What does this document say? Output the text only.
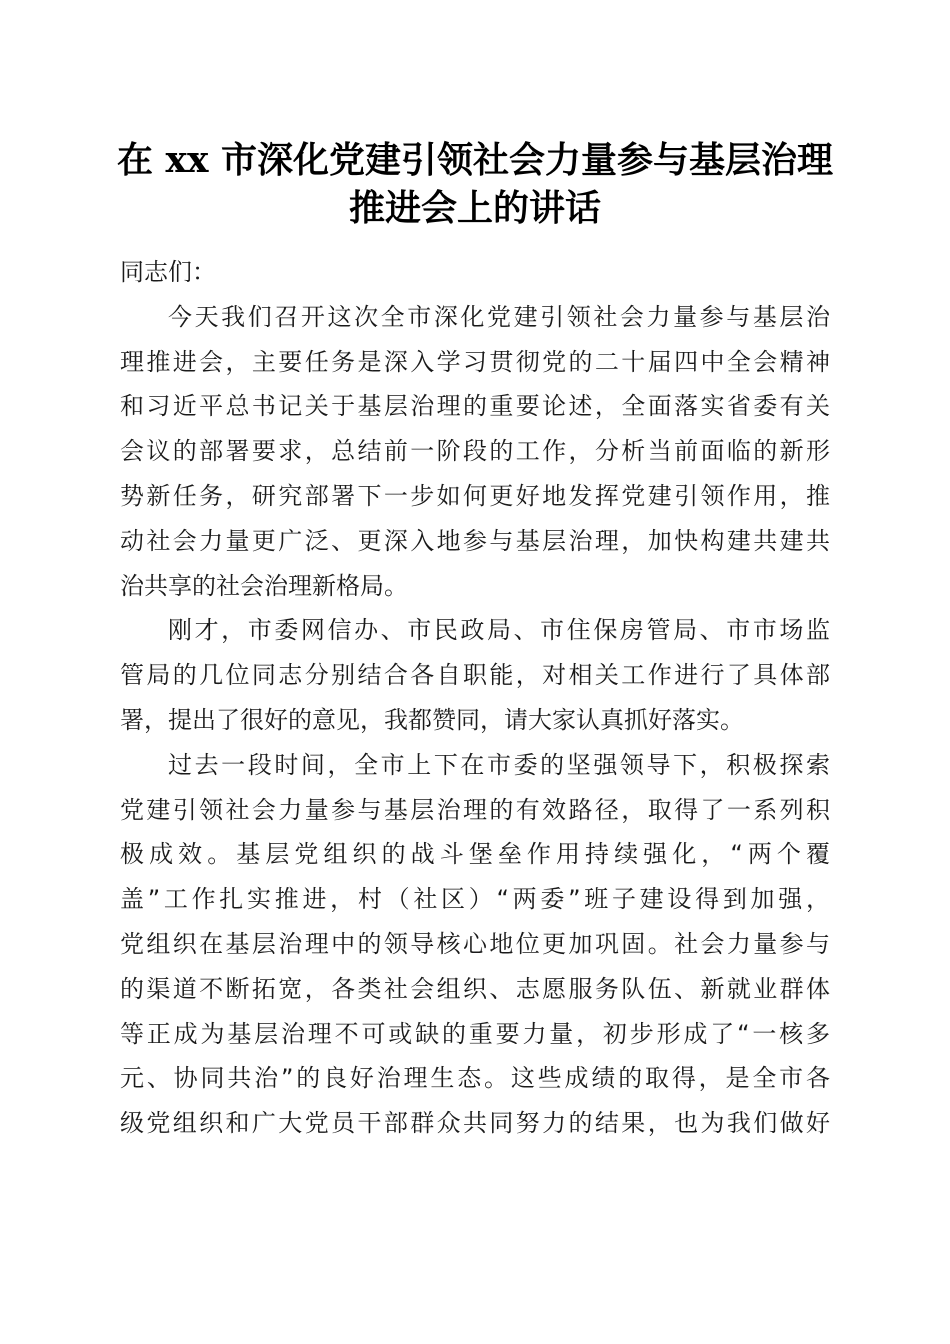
在 xx 市深化党建引领社会力量参与基层治理
推进会上的讲话

同志们：

今天我们召开这次全市深化党建引领社会力量参与基层治
理推进会，主要任务是深入学习贯彻党的二十届四中全会精神
和习近平总书记关于基层治理的重要论述，全面落实省委有关
会议的部署要求，总结前一阶段的工作，分析当前面临的新形
势新任务，研究部署下一步如何更好地发挥党建引领作用，推
动社会力量更广泛、更深入地参与基层治理，加快构建共建共
治共享的社会治理新格局。

刚才，市委网信办、市民政局、市住保房管局、市市场监
管局的几位同志分别结合各自职能，对相关工作进行了具体部
署，提出了很好的意见，我都赞同，请大家认真抓好落实。

过去一段时间，全市上下在市委的坚强领导下，积极探索
党建引领社会力量参与基层治理的有效路径，取得了一系列积
极成效。基层党组织的战斗堡垒作用持续强化，“两个覆
盖”工作扎实推进，村（社区）“两委”班子建设得到加强，
党组织在基层治理中的领导核心地位更加巩固。社会力量参与
的渠道不断拓宽，各类社会组织、志愿服务队伍、新就业群体
等正成为基层治理不可或缺的重要力量，初步形成了“一核多
元、协同共治”的良好治理生态。这些成绩的取得，是全市各
级党组织和广大党员干部群众共同努力的结果，也为我们做好
